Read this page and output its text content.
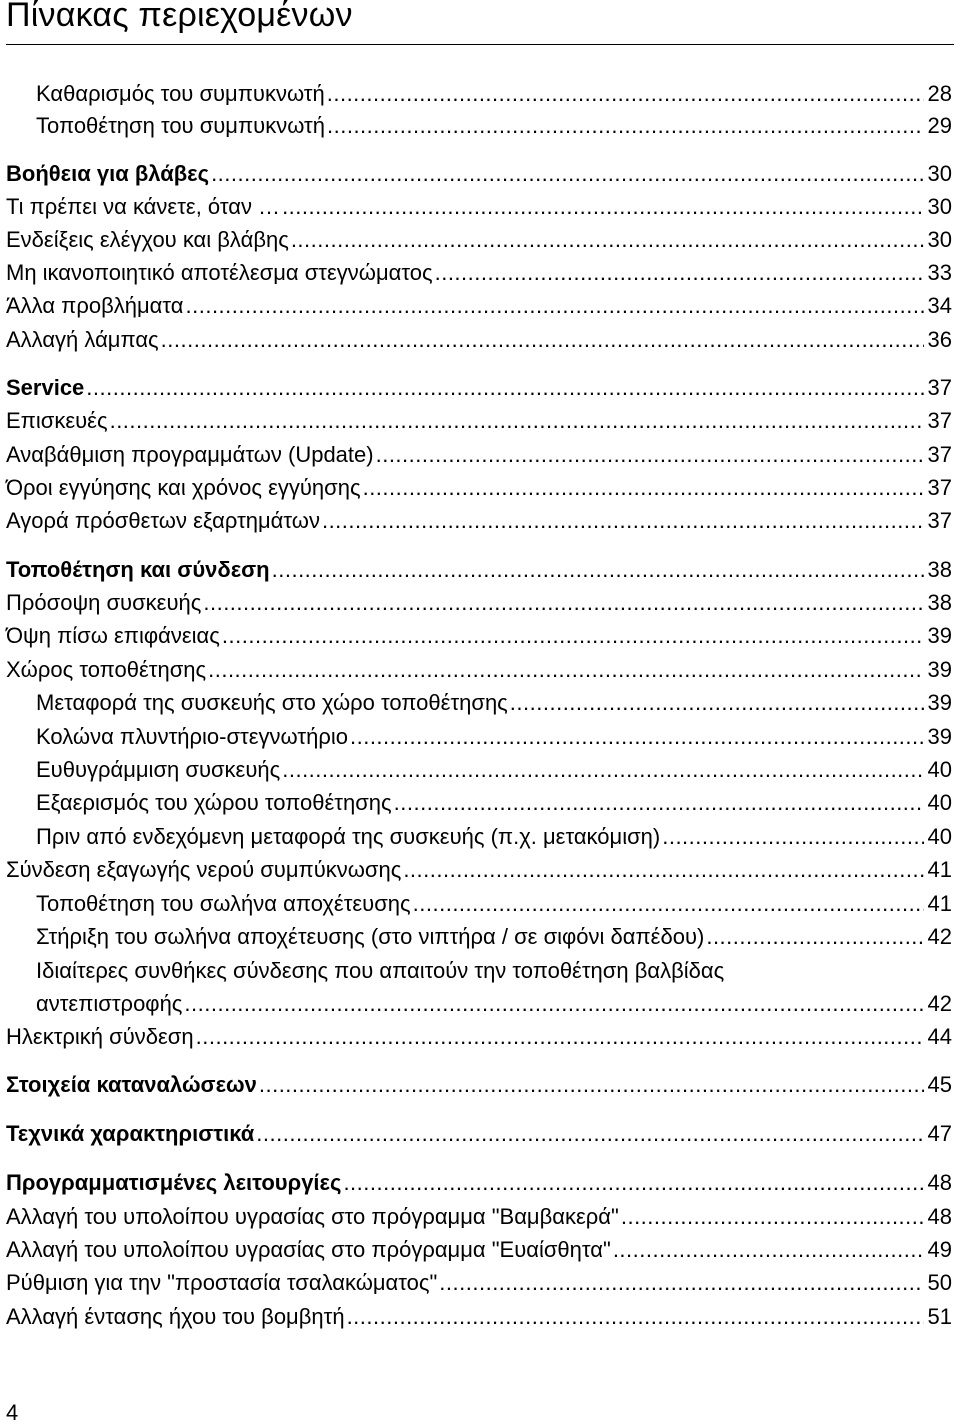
Πίνακας περιεχομένων
Καθαρισμός του συμπυκνωτή .....	28
Τοποθέτηση του συμπυκνωτή .....	29
Βοήθεια για βλάβες .....	30
Τι πρέπει να κάνετε, όταν … .....	30
Ενδείξεις ελέγχου και βλάβης .....	30
Μη ικανοποιητικό αποτέλεσμα στεγνώματος .....	33
Άλλα προβλήματα .....	34
Αλλαγή λάμπας .....	36
Service .....	37
Επισκευές .....	37
Αναβάθμιση προγραμμάτων (Update) .....	37
Όροι εγγύησης και χρόνος εγγύησης .....	37
Αγορά πρόσθετων εξαρτημάτων .....	37
Τοποθέτηση και σύνδεση .....	38
Πρόσοψη συσκευής .....	38
Όψη πίσω επιφάνειας .....	39
Χώρος τοποθέτησης .....	39
Μεταφορά της συσκευής στο χώρο τοποθέτησης .....	39
Κολώνα πλυντήριο-στεγνωτήριο .....	39
Ευθυγράμμιση συσκευής .....	40
Εξαερισμός του χώρου τοποθέτησης .....	40
Πριν από ενδεχόμενη μεταφορά της συσκευής (π.χ. μετακόμιση) .....	40
Σύνδεση εξαγωγής νερού συμπύκνωσης .....	41
Τοποθέτηση του σωλήνα αποχέτευσης .....	41
Στήριξη του σωλήνα αποχέτευσης (στο νιπτήρα / σε σιφόνι δαπέδου) .....	42
Ιδιαίτερες συνθήκες σύνδεσης που απαιτούν την τοποθέτηση βαλβίδας
αντεπιστροφής .....	42
Ηλεκτρική σύνδεση .....	44
Στοιχεία καταναλώσεων .....	45
Τεχνικά χαρακτηριστικά .....	47
Προγραμματισμένες λειτουργίες .....	48
Αλλαγή του υπολοίπου υγρασίας στο πρόγραμμα "Βαμβακερά" .....	48
Αλλαγή του υπολοίπου υγρασίας στο πρόγραμμα "Ευαίσθητα" .....	49
Ρύθμιση για την "προστασία τσαλακώματος" .....	50
Αλλαγή έντασης ήχου του βομβητή .....	51
4
